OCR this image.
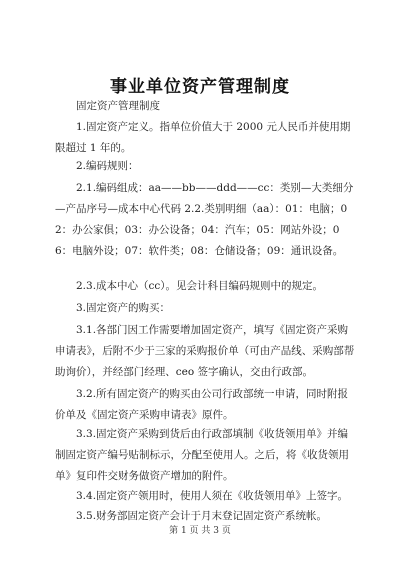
事业单位资产管理制度
　　固定资产管理制度
　　1.固定资产定义。指单位价值大于 2000 元人民币并使用期限超过 1 年的。
　　2.编码规则：
　　2.1.编码组成：aa——bb——ddd——cc：类别—大类细分—产品序号—成本中心代码 2.2.类别明细（aa）：01：电脑；02：办公家俱；03：办公设备；04：汽车；05：网站外设；06：电脑外设；07：软件类；08：仓储设备；09：通讯设备。
　　2.3.成本中心（cc）。见会计科目编码规则中的规定。
　　3.固定资产的购买：
　　3.1.各部门因工作需要增加固定资产，填写《固定资产采购申请表》，后附不少于三家的采购报价单（可由产品线、采购部帮助询价），并经部门经理、ceo 签字确认，交由行政部。
　　3.2.所有固定资产的购买由公司行政部统一申请，同时附报价单及《固定资产采购申请表》原件。
　　3.3.固定资产采购到货后由行政部填制《收货领用单》并编制固定资产编号贴制标示，分配至使用人。之后，将《收货领用单》复印件交财务做资产增加的附件。
　　3.4.固定资产领用时，使用人须在《收货领用单》上签字。
　　3.5.财务部固定资产会计于月末登记固定资产系统帐。
第 1 页 共 3 页
